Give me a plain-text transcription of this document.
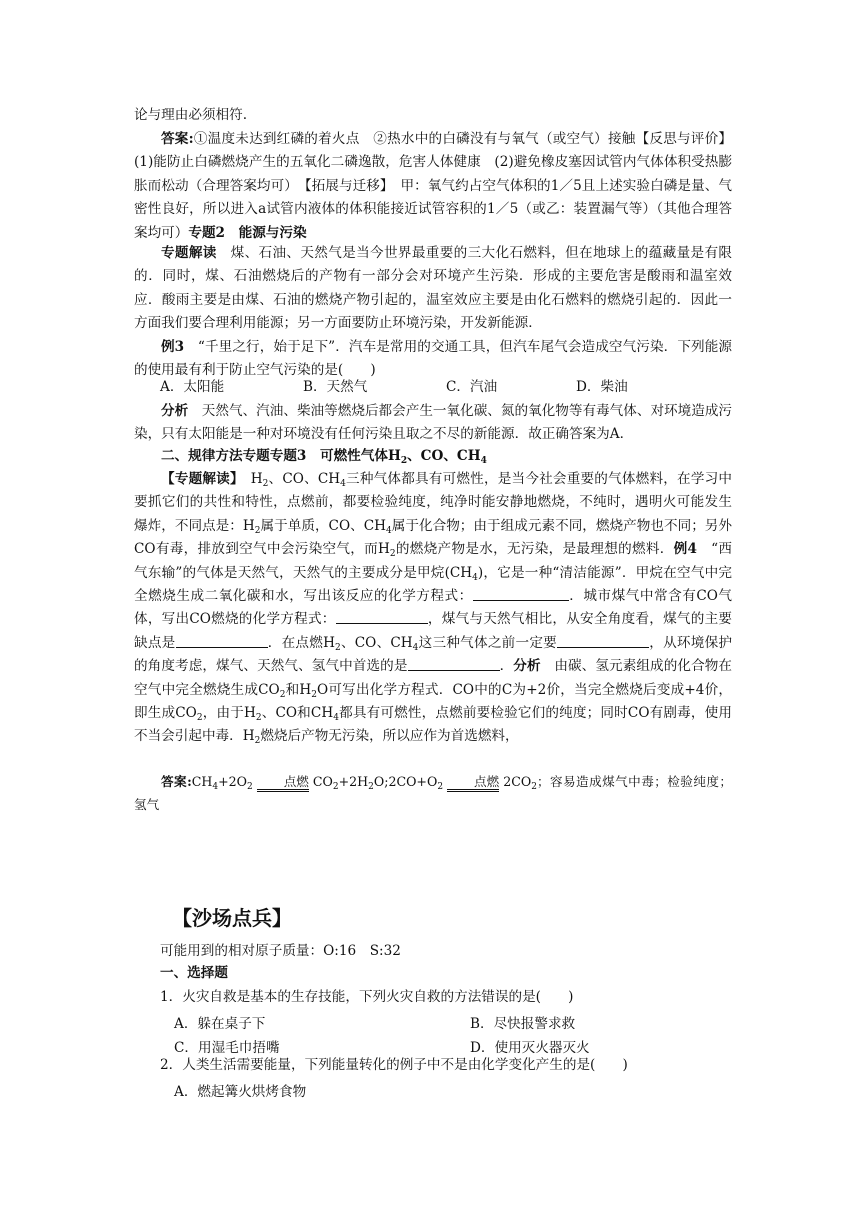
论与理由必须相符.

答案:①温度未达到红磷的着火点　②热水中的白磷没有与氧气（或空气）接触【反思与评价】 (1)能防止白磷燃烧产生的五氧化二磷逸散，危害人体健康　(2)避免橡皮塞因试管内气体体积受热膨胀而松动（合理答案均可）　【拓展与迁移】　甲：氧气约占空气体积的1／5且上述实验白磷是量、气密性良好，所以进入a试管内液体的体积能接近试管容积的1／5（或乙：装置漏气等）（其他合理答案均可）专题2　能源与污染

专题解读　煤、石油、天然气是当今世界最重要的三大化石燃料，但在地球上的蕴藏量是有限的．同时，煤、石油燃烧后的产物有一部分会对环境产生污染．形成的主要危害是酸雨和温室效应．酸雨主要是由煤、石油的燃烧产物引起的，温室效应主要是由化石燃料的燃烧引起的．因此一方面我们要合理利用能源；另一方面要防止环境污染，开发新能源．

例3　“千里之行，始于足下”．汽车是常用的交通工具，但汽车尾气会造成空气污染．下列能源的使用最有利于防止空气污染的是(　　)

A．太阳能	B．天然气	C．汽油	D．柴油

分析　天然气、汽油、柴油等燃烧后都会产生一氧化碳、氮的氧化物等有毒气体、对环境造成污染，只有太阳能是一种对环境没有任何污染且取之不尽的新能源．故正确答案为A．

二、规律方法专题专题3　可燃性气体$H_2$、CO、$CH_4$

【专题解读】　$H_2$、CO、$CH_4$三种气体都具有可燃性，是当今社会重要的气体燃料，在学习中要抓它们的共性和特性，点燃前，都要检验纯度，纯净时能安静地燃烧，不纯时，遇明火可能发生爆炸，不同点是：$H_2$属于单质，CO、$CH_4$属于化合物；由于组成元素不同，燃烧产物也不同；另外CO有毒，排放到空气中会污染空气，而$H_2$的燃烧产物是水，无污染，是最理想的燃料．例4　“西气东输”的气体是天然气，天然气的主要成分是甲烷$(CH_4)$，它是一种“清洁能源”．甲烷在空气中完全燃烧生成二氧化碳和水，写出该反应的化学方程式：	．城市煤气中常含有CO气体，写出CO燃烧的化学方程式：	，煤气与天然气相比，从安全角度看，煤气的主要缺点是	．在点燃$H_2$、CO、$CH_4$这三种气体之前一定要	，从环境保护的角度考虑，煤气、天然气、氢气中首选的是	．分析　由碳、氢元素组成的化合物在空气中完全燃烧生成$CO_2$和$H_2O$可写出化学方程式．CO中的C为+2价，当完全燃烧后变成+4价，即生成$CO_2$，由于$H_2$、CO和$CH_4$都具有可燃性，点燃前要检验它们的纯度；同时CO有剧毒，使用不当会引起中毒．$H_2$燃烧后产物无污染，所以应作为首选燃料，

答案$:CH_4+2O_2$ 点燃 $CO_2+2H_2O;2CO+O_2$ 点燃 $2CO_2$；容易造成煤气中毒；检验纯度；氢气

【沙场点兵】

可能用到的相对原子质量：O:16　S:32

一、选择题

1．火灾自救是基本的生存技能，下列火灾自救的方法错误的是(　　)

A．躲在桌子下	B．尽快报警求救
C．用湿毛巾捂嘴	D．使用灭火器灭火

2．人类生活需要能量，下列能量转化的例子中不是由化学变化产生的是(　　)

A．燃起篝火烘烤食物
